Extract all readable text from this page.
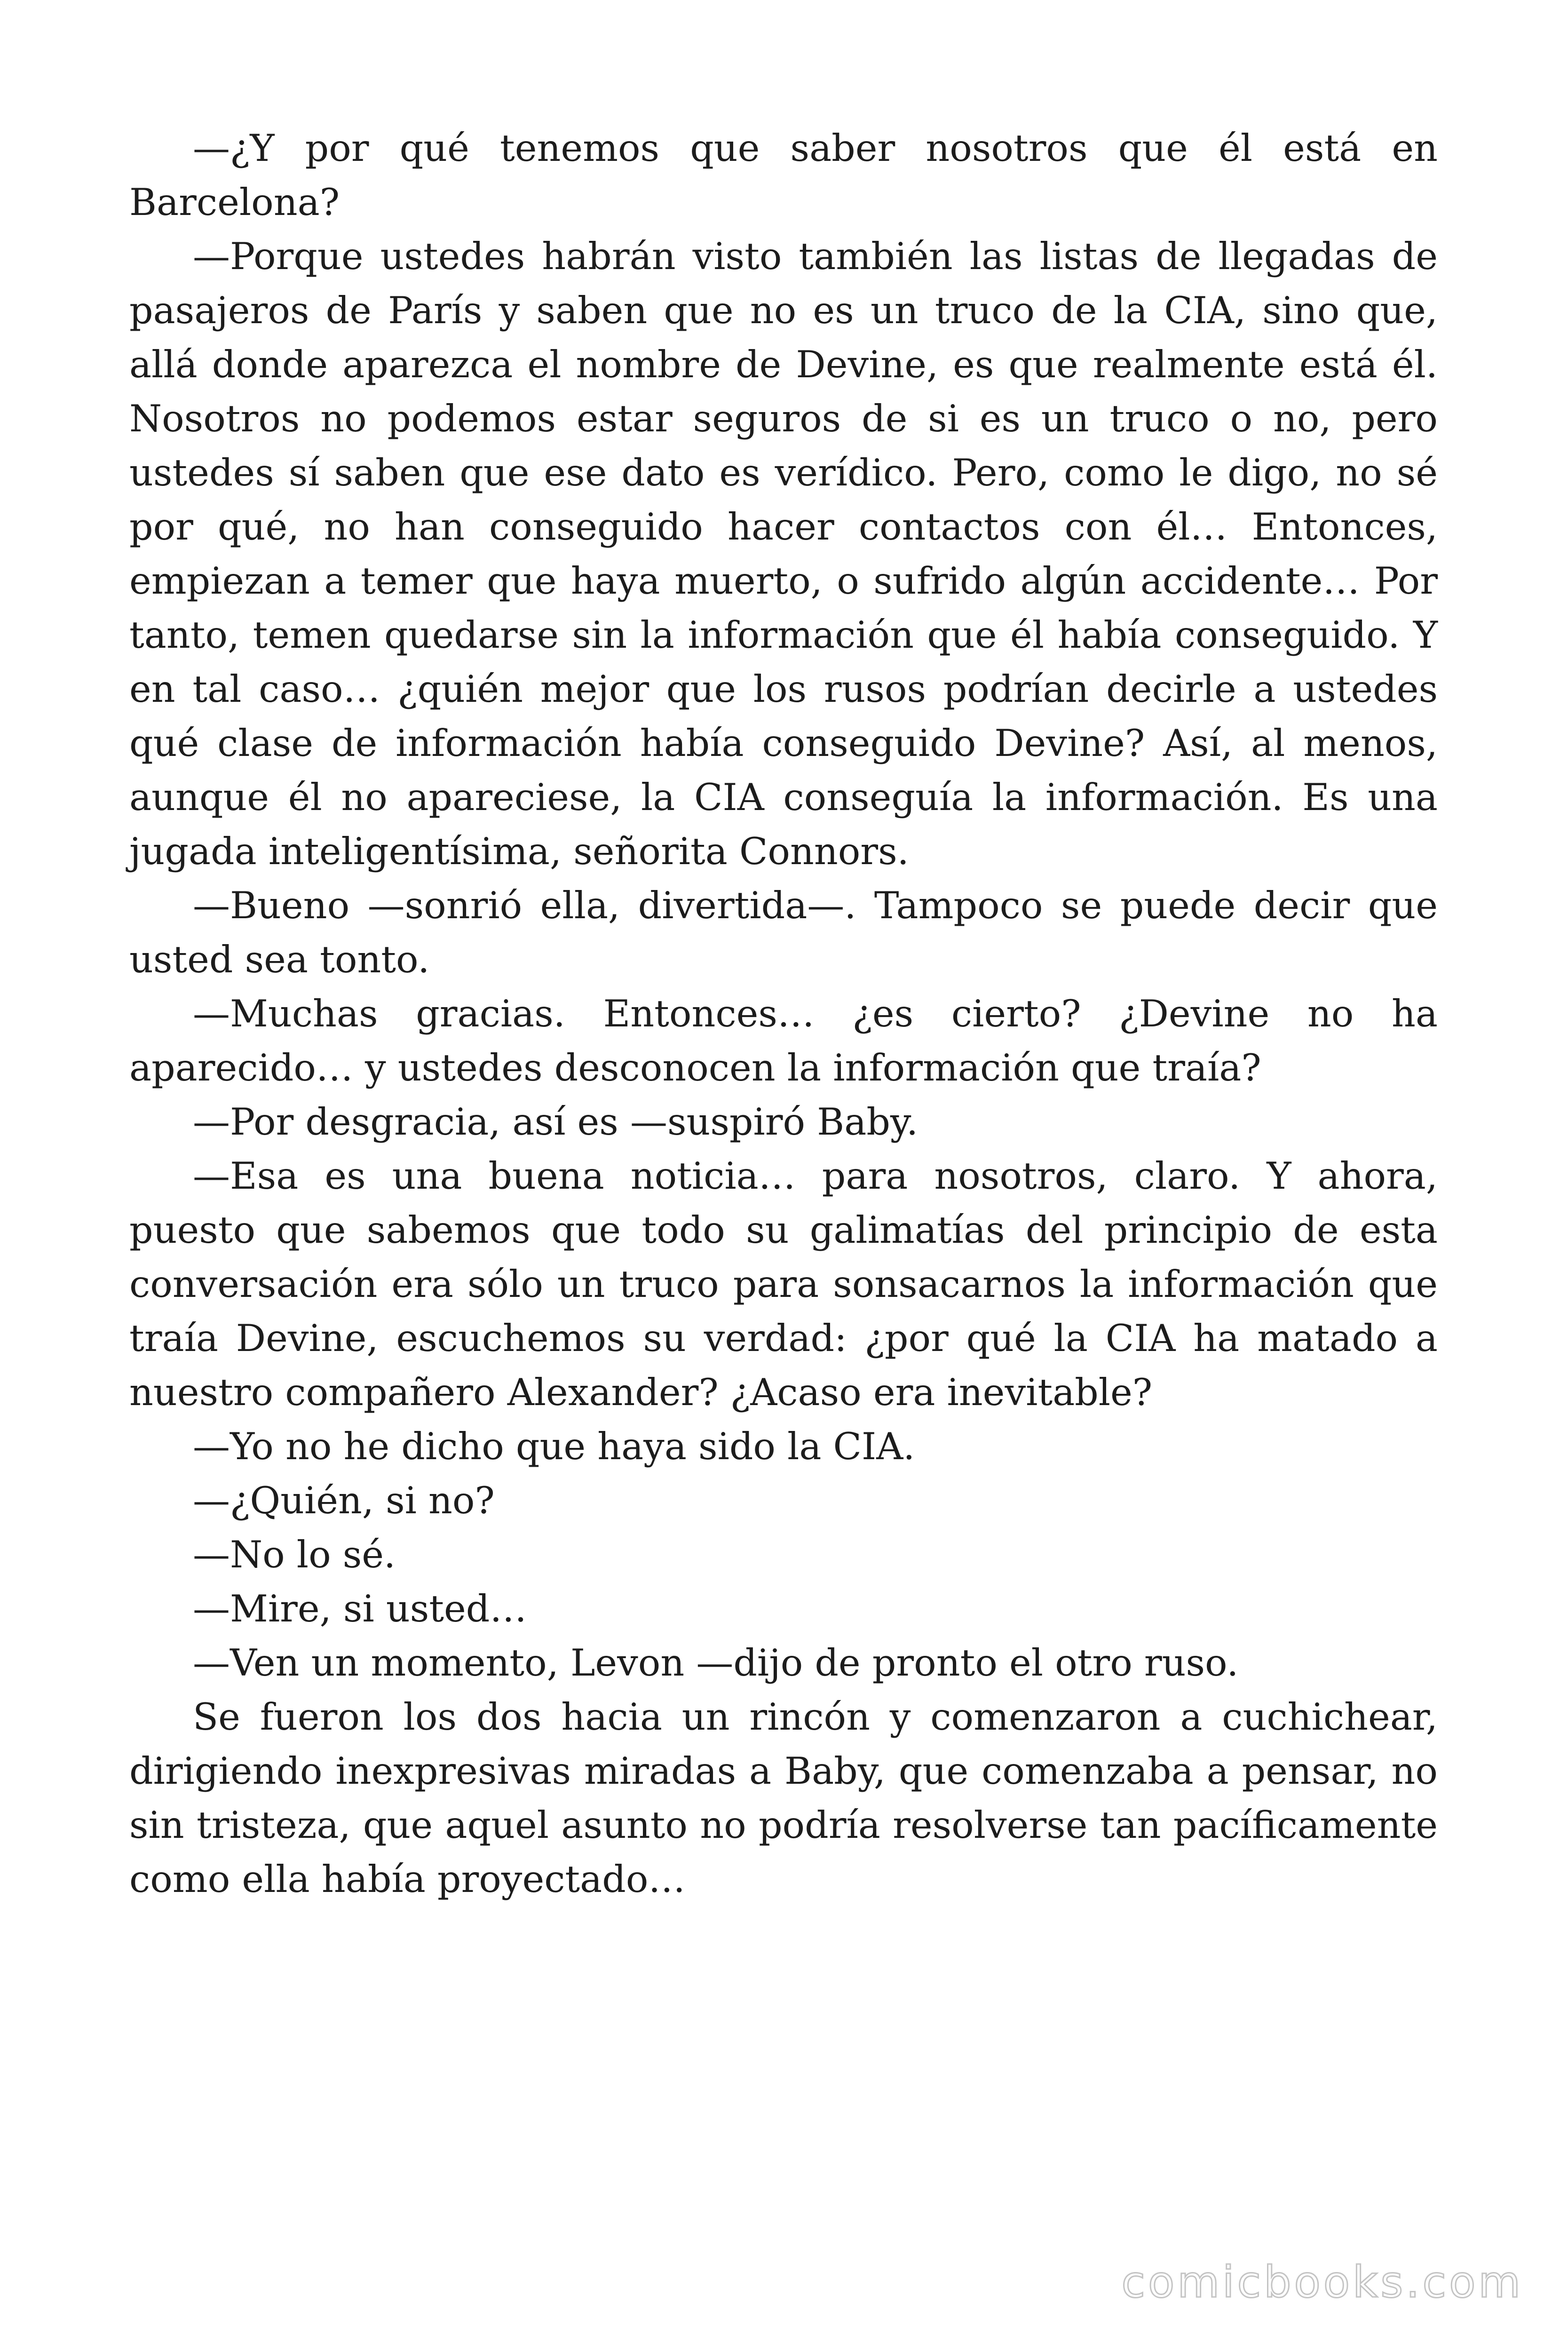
—¿Y por qué tenemos que saber nosotros que él está en Barcelona?

—Porque ustedes habrán visto también las listas de llegadas de pasajeros de París y saben que no es un truco de la CIA, sino que, allá donde aparezca el nombre de Devine, es que realmente está él. Nosotros no podemos estar seguros de si es un truco o no, pero ustedes sí saben que ese dato es verídico. Pero, como le digo, no sé por qué, no han conseguido hacer contactos con él… Entonces, empiezan a temer que haya muerto, o sufrido algún accidente… Por tanto, temen quedarse sin la información que él había conseguido. Y en tal caso… ¿quién mejor que los rusos podrían decirle a ustedes qué clase de información había conseguido Devine? Así, al menos, aunque él no apareciese, la CIA conseguía la información. Es una jugada inteligentísima, señorita Connors.

—Bueno —sonrió ella, divertida—. Tampoco se puede decir que usted sea tonto.

—Muchas gracias. Entonces… ¿es cierto? ¿Devine no ha aparecido… y ustedes desconocen la información que traía?

—Por desgracia, así es —suspiró Baby.

—Esa es una buena noticia… para nosotros, claro. Y ahora, puesto que sabemos que todo su galimatías del principio de esta conversación era sólo un truco para sonsacarnos la información que traía Devine, escuchemos su verdad: ¿por qué la CIA ha matado a nuestro compañero Alexander? ¿Acaso era inevitable?

—Yo no he dicho que haya sido la CIA.

—¿Quién, si no?

—No lo sé.

—Mire, si usted…

—Ven un momento, Levon —dijo de pronto el otro ruso.

Se fueron los dos hacia un rincón y comenzaron a cuchichear, dirigiendo inexpresivas miradas a Baby, que comenzaba a pensar, no sin tristeza, que aquel asunto no podría resolverse tan pacíficamente como ella había proyectado…

comicbooks.com
